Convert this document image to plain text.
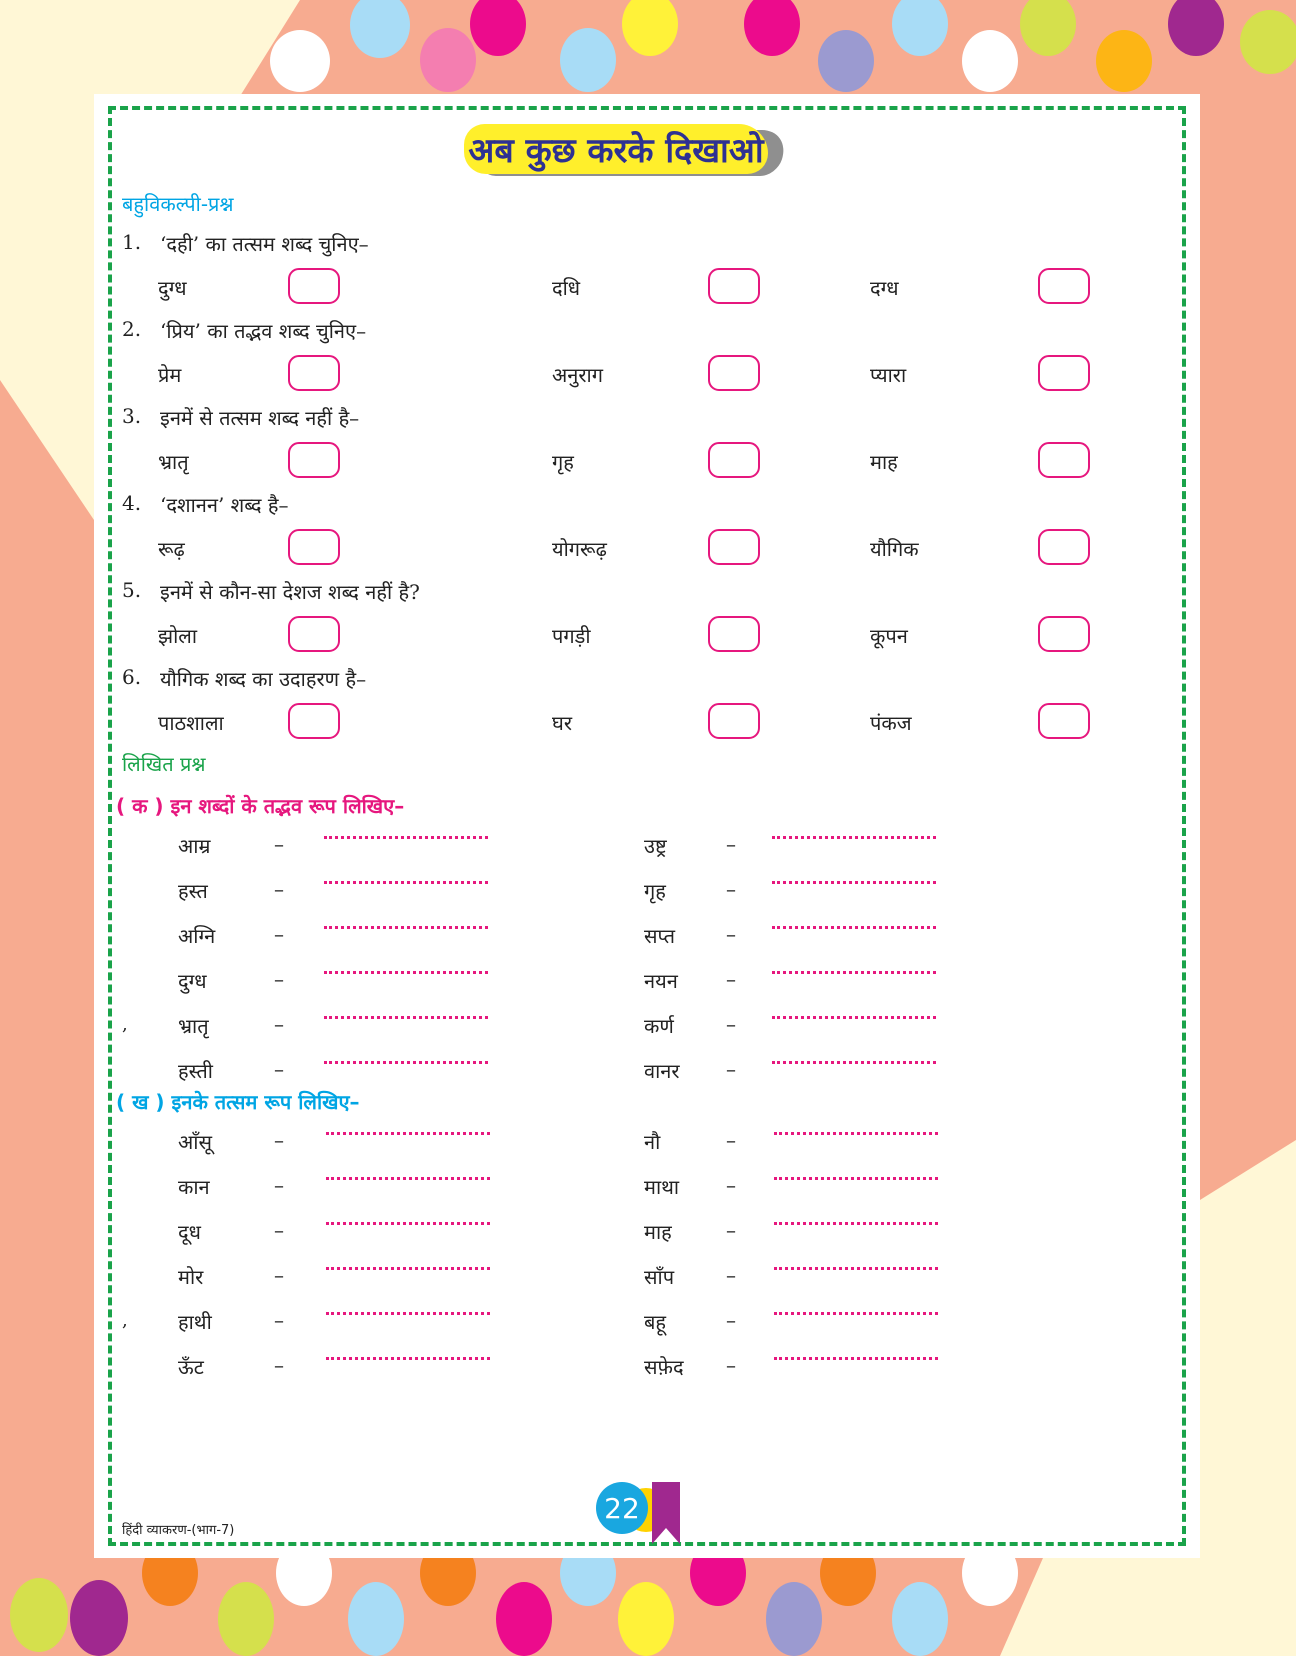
अब कुछ करके दिखाओ
बहुविकल्पी-प्रश्न
1. ‘दही’ का तत्सम शब्द चुनिए–
दुग्ध	दधि	दग्ध
2. ‘प्रिय’ का तद्भव शब्द चुनिए–
प्रेम	अनुराग	प्यारा
3. इनमें से तत्सम शब्द नहीं है–
भ्रातृ	गृह	माह
4. ‘दशानन’ शब्द है–
रूढ़	योगरूढ़	यौगिक
5. इनमें से कौन-सा देशज शब्द नहीं है?
झोला	पगड़ी	कूपन
6. यौगिक शब्द का उदाहरण है–
पाठशाला	घर	पंकज
लिखित प्रश्न
( क ) इन शब्दों के तद्भव रूप लिखिए–
आम्र	–	उष्ट्र	–
हस्त	–	गृह	–
अग्नि	–	सप्त	–
दुग्ध	–	नयन –
भ्रातृ	–	कर्ण	–
,
हस्ती	–	वानर –
( ख ) इनके तत्सम रूप लिखिए–
आँसू	–	नौ	–
कान	–	माथा –
दूध	–	माह	–
मोर	–	साँप	–
हाथी	–	बहू	–
,
ऊँट	–	सफ़ेद –
हिंदी व्याकरण-(भाग-7)
22
